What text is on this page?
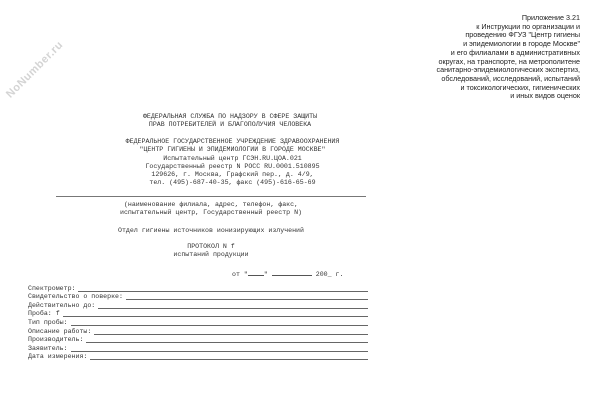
NoNumber.ru
Приложение 3.21
к Инструкции по организации и
проведению ФГУЗ "Центр гигиены
и эпидемиологии в городе Москве"
и его филиалами в административных
округах, на транспорте, на метрополитене
санитарно-эпидемиологических экспертиз,
обследований, исследований, испытаний
и токсикологических, гигиенических
и иных видов оценок
ФЕДЕРАЛЬНАЯ СЛУЖБА ПО НАДЗОРУ В СФЕРЕ ЗАЩИТЫ
ПРАВ ПОТРЕБИТЕЛЕЙ И БЛАГОПОЛУЧИЯ ЧЕЛОВЕКА
ФЕДЕРАЛЬНОЕ ГОСУДАРСТВЕННОЕ УЧРЕЖДЕНИЕ ЗДРАВООХРАНЕНИЯ
"ЦЕНТР ГИГИЕНЫ И ЭПИДЕМИОЛОГИИ В ГОРОДЕ МОСКВЕ"
Испытательный центр ГСЭН.RU.ЦОА.021
Государственный реестр N РОСС RU.0001.510895
129626, г. Москва, Графский пер., д. 4/9,
тел. (495)-687-40-35, факс (495)-616-65-69
(наименование филиала, адрес, телефон, факс,
испытательный центр, Государственный реестр N)
Отдел гигиены источников ионизирующих излучений
ПРОТОКОЛ N f
испытаний продукции
от " "	200_ г.
Спектрометр:
Свидетельство о поверке:
Действительно до:
Проба: f
Тип пробы:
Описание работы:
Производитель:
Заявитель:
Дата измерения:
